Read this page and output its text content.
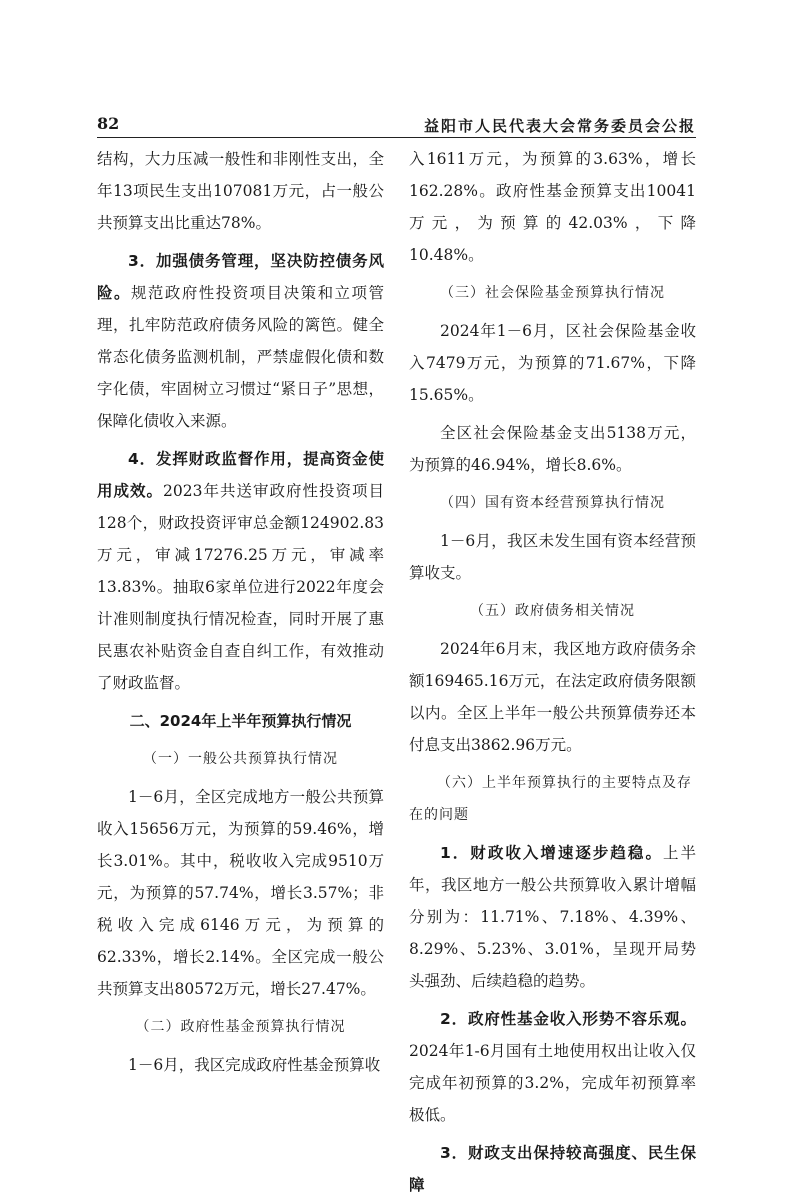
82	益阳市人民代表大会常务委员会公报

结构，大力压减一般性和非刚性支出，全年13项民生支出107081万元，占一般公共预算支出比重达78%。

3．加强债务管理，坚决防控债务风险。规范政府性投资项目决策和立项管理，扎牢防范政府债务风险的篱笆。健全常态化债务监测机制，严禁虚假化债和数字化债，牢固树立习惯过“紧日子”思想，保障化债收入来源。

4．发挥财政监督作用，提高资金使用成效。2023年共送审政府性投资项目128个，财政投资评审总金额124902.83万元，审减17276.25万元，审减率13.83%。抽取6家单位进行2022年度会计准则制度执行情况检查，同时开展了惠民惠农补贴资金自查自纠工作，有效推动了财政监督。

二、2024年上半年预算执行情况

（一）一般公共预算执行情况

1－6月，全区完成地方一般公共预算收入15656万元，为预算的59.46%，增长3.01%。其中，税收收入完成9510万元，为预算的57.74%，增长3.57%；非税收入完成6146万元，为预算的62.33%，增长2.14%。全区完成一般公共预算支出80572万元，增长27.47%。

（二）政府性基金预算执行情况

1－6月，我区完成政府性基金预算收

入1611万元，为预算的3.63%，增长162.28%。政府性基金预算支出10041万元，为预算的42.03%，下降10.48%。

（三）社会保险基金预算执行情况

2024年1－6月，区社会保险基金收入7479万元，为预算的71.67%，下降15.65%。

全区社会保险基金支出5138万元，为预算的46.94%，增长8.6%。

（四）国有资本经营预算执行情况

1－6月，我区未发生国有资本经营预算收支。

（五）政府债务相关情况

2024年6月末，我区地方政府债务余额169465.16万元，在法定政府债务限额以内。全区上半年一般公共预算债券还本付息支出3862.96万元。

（六）上半年预算执行的主要特点及存在的问题

1．财政收入增速逐步趋稳。上半年，我区地方一般公共预算收入累计增幅分别为：11.71%、7.18%、4.39%、8.29%、5.23%、3.01%，呈现开局势头强劲、后续趋稳的趋势。

2．政府性基金收入形势不容乐观。2024年1-6月国有土地使用权出让收入仅完成年初预算的3.2%，完成年初预算率极低。

3．财政支出保持较高强度、民生保障
